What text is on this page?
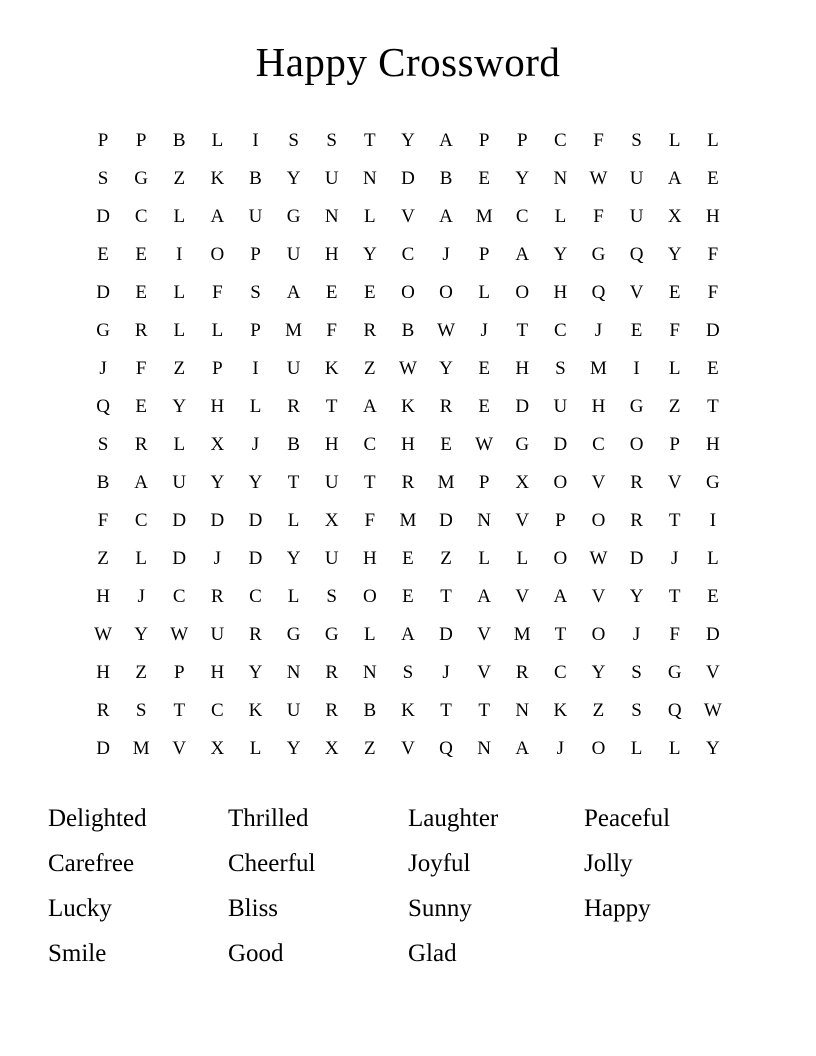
Happy Crossword
P	P	B	L	I	S	S	T	Y	A	P	P	C	F	S	L	L
S	G	Z	K	B	Y	U	N	D	B	E	Y	N	W	U	A	E
D	C	L	A	U	G	N	L	V	A	M	C	L	F	U	X	H
E	E	I	O	P	U	H	Y	C	J	P	A	Y	G	Q	Y	F
D	E	L	F	S	A	E	E	O	O	L	O	H	Q	V	E	F
G	R	L	L	P	M	F	R	B	W	J	T	C	J	E	F	D
J	F	Z	P	I	U	K	Z	W	Y	E	H	S	M	I	L	E
Q	E	Y	H	L	R	T	A	K	R	E	D	U	H	G	Z	T
S	R	L	X	J	B	H	C	H	E	W	G	D	C	O	P	H
B	A	U	Y	Y	T	U	T	R	M	P	X	O	V	R	V	G
F	C	D	D	D	L	X	F	M	D	N	V	P	O	R	T	I
Z	L	D	J	D	Y	U	H	E	Z	L	L	O	W	D	J	L
H	J	C	R	C	L	S	O	E	T	A	V	A	V	Y	T	E
W	Y	W	U	R	G	G	L	A	D	V	M	T	O	J	F	D
H	Z	P	H	Y	N	R	N	S	J	V	R	C	Y	S	G	V
R	S	T	C	K	U	R	B	K	T	T	N	K	Z	S	Q	W
D	M	V	X	L	Y	X	Z	V	Q	N	A	J	O	L	L	Y
Delighted	Thrilled	Laughter	Peaceful
Carefree	Cheerful	Joyful	Jolly
Lucky	Bliss	Sunny	Happy
Smile	Good	Glad
